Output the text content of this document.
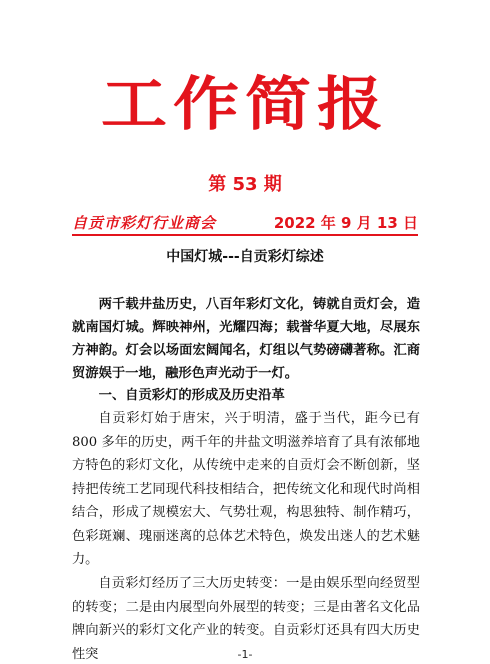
工作简报
第 53 期
自贡市彩灯行业商会	2022 年 9 月 13 日
中国灯城---自贡彩灯综述

两千载井盐历史，八百年彩灯文化，铸就自贡灯会，造就南国灯城。辉映神州，光耀四海；载誉华夏大地，尽展东方神韵。灯会以场面宏阔闻名，灯组以气势磅礴著称。汇商贸游娱于一地，融形色声光动于一灯。

一、自贡彩灯的形成及历史沿革

自贡彩灯始于唐宋，兴于明清，盛于当代，距今已有 800 多年的历史，两千年的井盐文明滋养培育了具有浓郁地方特色的彩灯文化，从传统中走来的自贡灯会不断创新，坚持把传统工艺同现代科技相结合，把传统文化和现代时尚相结合，形成了规模宏大、气势壮观，构思独特、制作精巧，色彩斑斓、瑰丽迷离的总体艺术特色，焕发出迷人的艺术魅力。

自贡彩灯经历了三大历史转变：一是由娱乐型向经贸型的转变；二是由内展型向外展型的转变；三是由著名文化品牌向新兴的彩灯文化产业的转变。自贡彩灯还具有四大历史性突	-1-
